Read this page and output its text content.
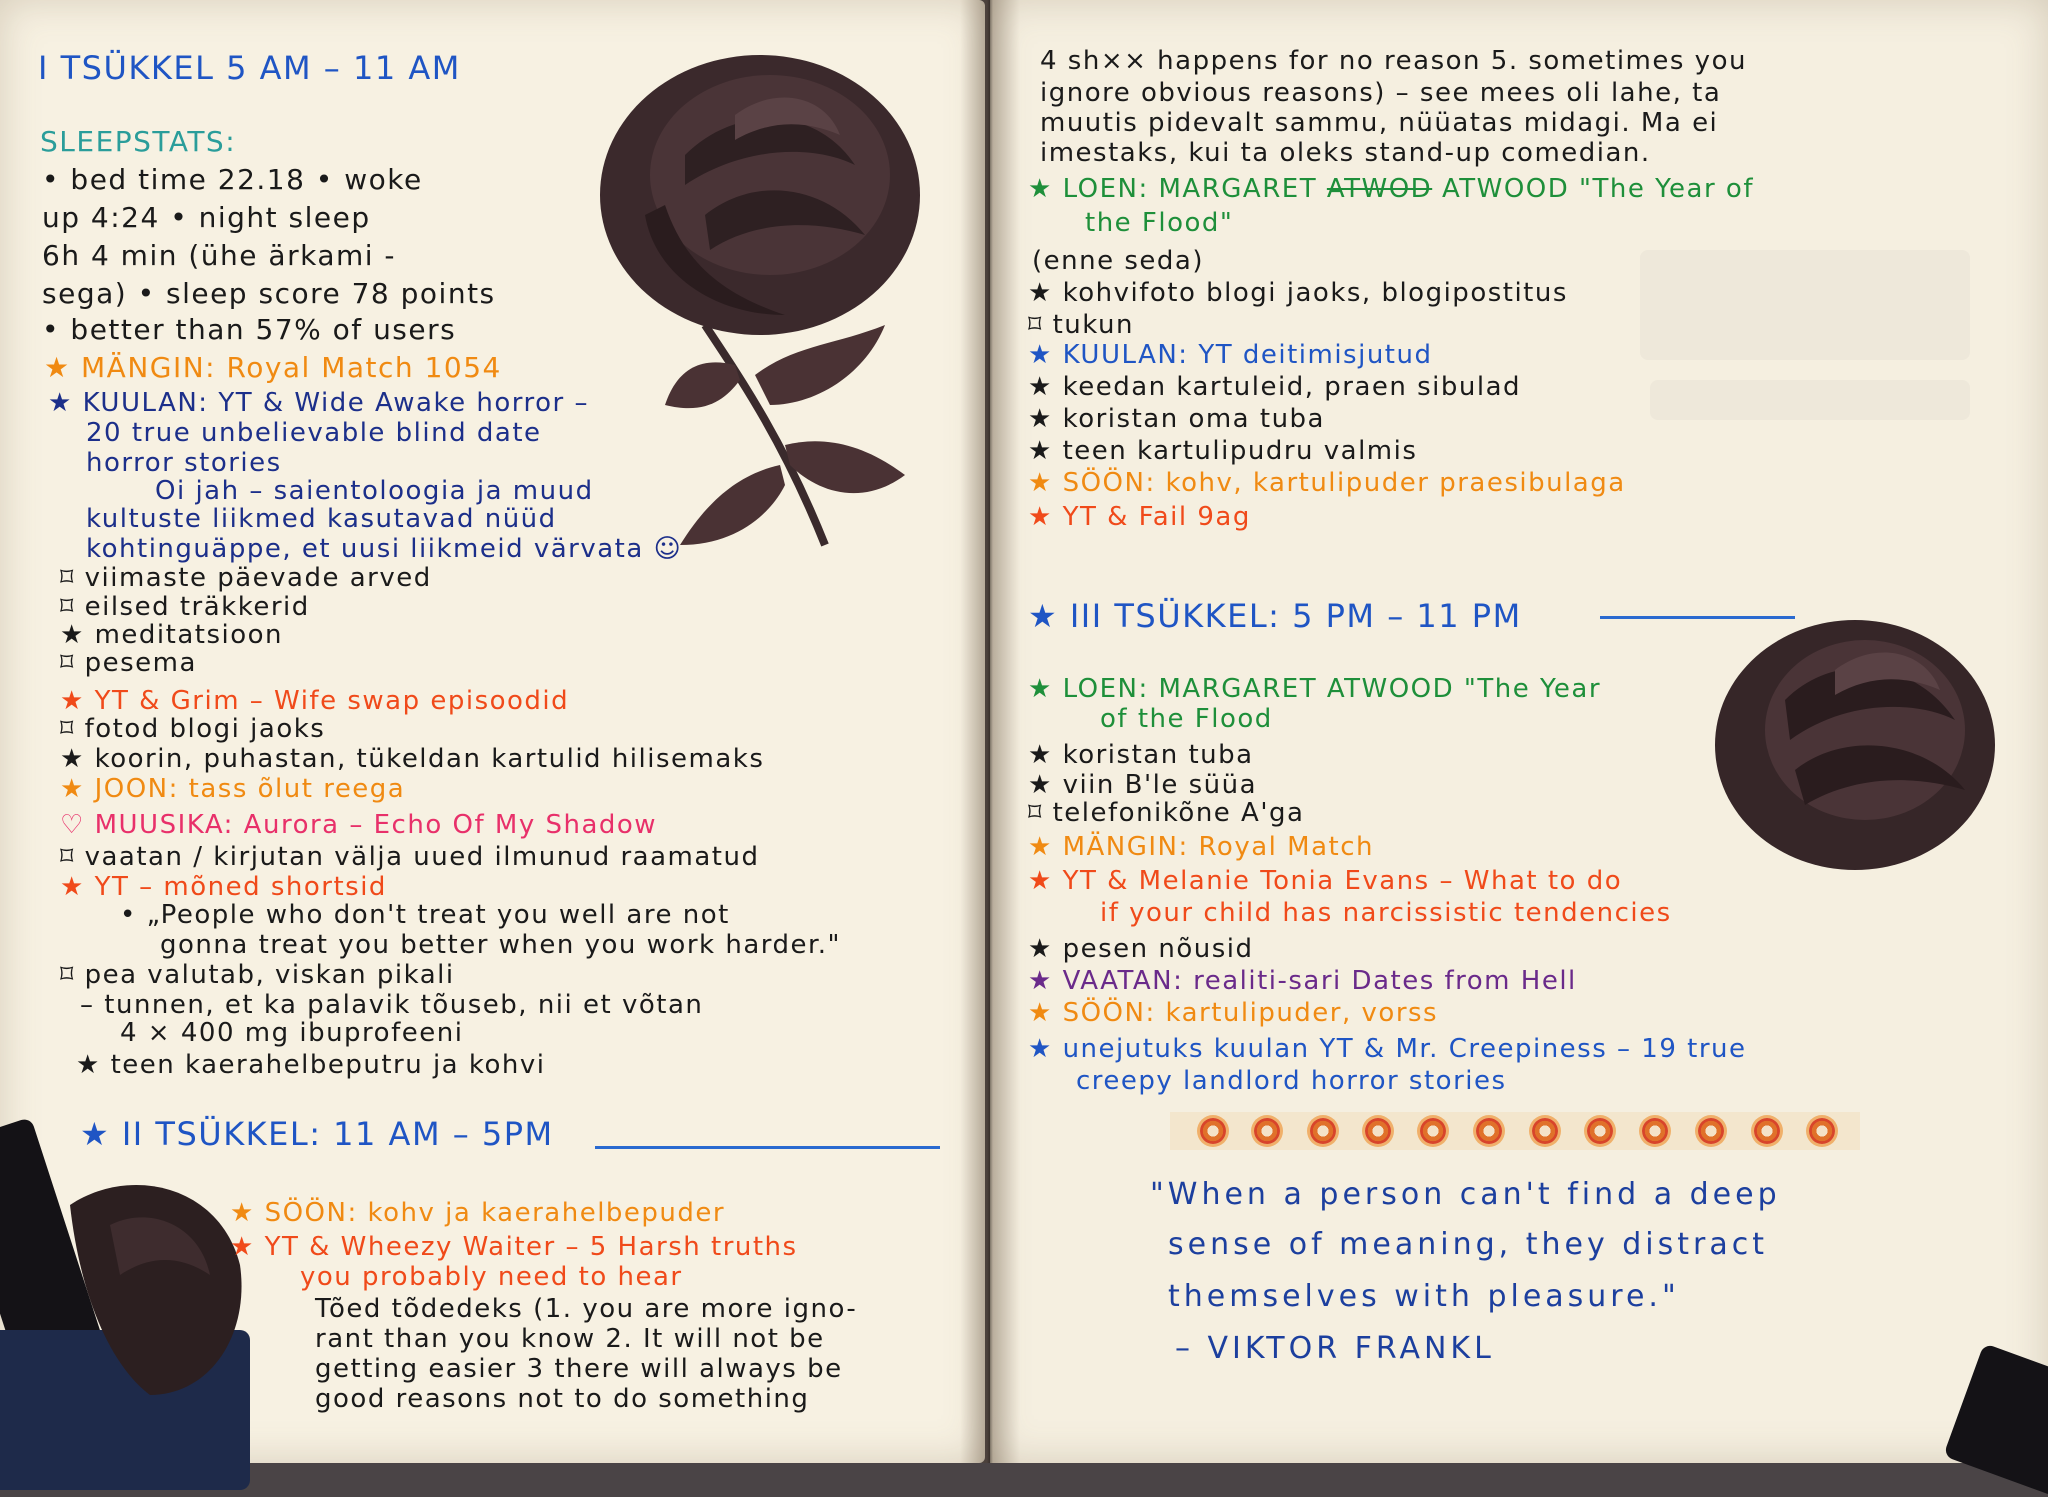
I TSÜKKEL 5 AM – 11 AM
SLEEPSTATS:
• bed time 22.18 • woke
up 4:24 • night sleep
6h 4 min (ühe ärkami -
sega) • sleep score 78 points
• better than 57% of users
★ MÄNGIN: Royal Match 1054
★ KUULAN: YT & Wide Awake horror –
20 true unbelievable blind date
horror stories
Oi jah – saientoloogia ja muud
kultuste liikmed kasutavad nüüd
kohtinguäppe, et uusi liikmeid värvata ☺
⌑ viimaste päevade arved
⌑ eilsed träkkerid
★ meditatsioon
⌑ pesema
★ YT & Grim – Wife swap episoodid
⌑ fotod blogi jaoks
★ koorin, puhastan, tükeldan kartulid hilisemaks
★ JOON: tass õlut reega
♡ MUUSIKA: Aurora – Echo Of My Shadow
⌑ vaatan / kirjutan välja uued ilmunud raamatud
★ YT – mõned shortsid
• „People who don't treat you well are not
gonna treat you better when you work harder."
⌑ pea valutab, viskan pikali
– tunnen, et ka palavik tõuseb, nii et võtan
4 × 400 mg ibuprofeeni
★ teen kaerahelbeputru ja kohvi
★ II TSÜKKEL: 11 AM – 5PM
★ SÖÖN: kohv ja kaerahelbepuder
★ YT & Wheezy Waiter – 5 Harsh truths
you probably need to hear
Tõed tõdedeks (1. you are more igno-
rant than you know 2. It will not be
getting easier 3 there will always be
good reasons not to do something
4 sh×× happens for no reason 5. sometimes you
ignore obvious reasons) – see mees oli lahe, ta
muutis pidevalt sammu, nüüatas midagi. Ma ei
imestaks, kui ta oleks stand-up comedian.
★ LOEN: MARGARET ATWOD ATWOOD "The Year of
the Flood"
(enne seda)
★ kohvifoto blogi jaoks, blogipostitus
⌑ tukun
★ KUULAN: YT deitimisjutud
★ keedan kartuleid, praen sibulad
★ koristan oma tuba
★ teen kartulipudru valmis
★ SÖÖN: kohv, kartulipuder praesibulaga
★ YT & Fail 9ag
★ III TSÜKKEL: 5 PM – 11 PM
★ LOEN: MARGARET ATWOOD "The Year
of the Flood
★ koristan tuba
★ viin B'le süüa
⌑ telefonikõne A'ga
★ MÄNGIN: Royal Match
★ YT & Melanie Tonia Evans – What to do
if your child has narcissistic tendencies
★ pesen nõusid
★ VAATAN: realiti-sari Dates from Hell
★ SÖÖN: kartulipuder, vorss
★ unejutuks kuulan YT & Mr. Creepiness – 19 true
creepy landlord horror stories
"When a person can't find a deep
sense of meaning, they distract
themselves with pleasure."
– VIKTOR FRANKL
